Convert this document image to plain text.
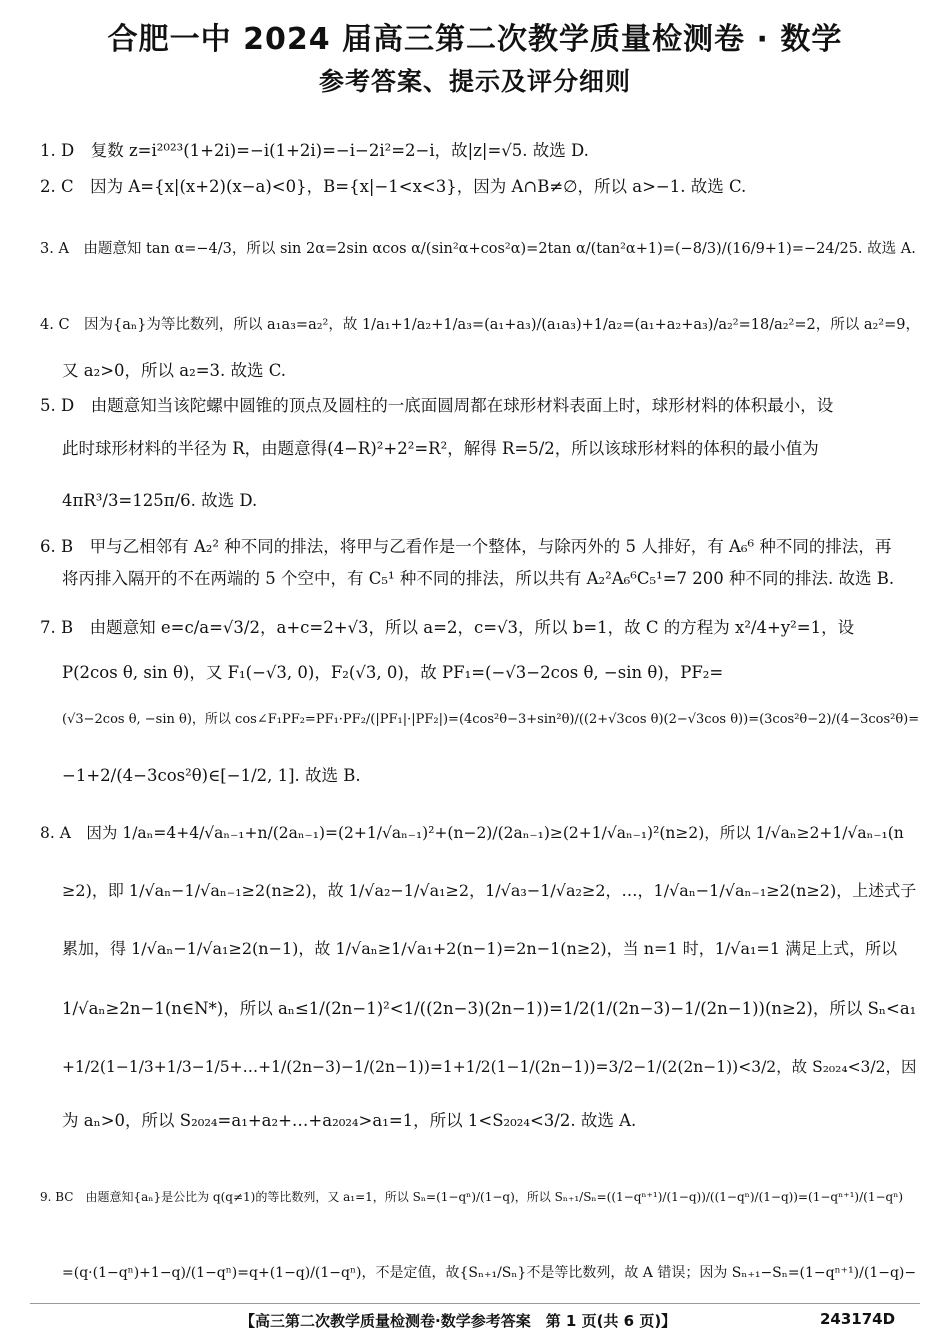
合肥一中 2024 届高三第二次教学质量检测卷 · 数学
参考答案、提示及评分细则
1. D　复数 z=i²⁰²³(1+2i)=−i(1+2i)=−i−2i²=2−i，故|z|=√5. 故选 D.
2. C　因为 A={x|(x+2)(x−a)<0}，B={x|−1<x<3}，因为 A∩B≠∅，所以 a>−1. 故选 C.
3. A　由题意知 tan α=−4/3，所以 sin 2α=2sin αcos α/(sin²α+cos²α)=2tan α/(tan²α+1)=(−8/3)/(16/9+1)=−24/25. 故选 A.
4. C　因为{aₙ}为等比数列，所以 a₁a₃=a₂²，故 1/a₁+1/a₂+1/a₃=(a₁+a₃)/(a₁a₃)+1/a₂=(a₁+a₂+a₃)/a₂²=18/a₂²=2，所以 a₂²=9，
又 a₂>0，所以 a₂=3. 故选 C.
5. D　由题意知当该陀螺中圆锥的顶点及圆柱的一底面圆周都在球形材料表面上时，球形材料的体积最小，设
此时球形材料的半径为 R，由题意得(4−R)²+2²=R²，解得 R=5/2，所以该球形材料的体积的最小值为
4πR³/3=125π/6. 故选 D.
6. B　甲与乙相邻有 A₂² 种不同的排法，将甲与乙看作是一个整体，与除丙外的 5 人排好，有 A₆⁶ 种不同的排法，再
将丙排入隔开的不在两端的 5 个空中，有 C₅¹ 种不同的排法，所以共有 A₂²A₆⁶C₅¹=7 200 种不同的排法. 故选 B.
7. B　由题意知 e=c/a=√3/2，a+c=2+√3，所以 a=2，c=√3，所以 b=1，故 C 的方程为 x²/4+y²=1，设
P(2cos θ, sin θ)，又 F₁(−√3, 0)，F₂(√3, 0)，故 PF₁=(−√3−2cos θ, −sin θ)，PF₂=
(√3−2cos θ, −sin θ)，所以 cos∠F₁PF₂=PF₁·PF₂/(|PF₁|·|PF₂|)=(4cos²θ−3+sin²θ)/((2+√3cos θ)(2−√3cos θ))=(3cos²θ−2)/(4−3cos²θ)=
−1+2/(4−3cos²θ)∈[−1/2, 1]. 故选 B.
8. A　因为 1/aₙ=4+4/√aₙ₋₁+n/(2aₙ₋₁)=(2+1/√aₙ₋₁)²+(n−2)/(2aₙ₋₁)≥(2+1/√aₙ₋₁)²(n≥2)，所以 1/√aₙ≥2+1/√aₙ₋₁(n
≥2)，即 1/√aₙ−1/√aₙ₋₁≥2(n≥2)，故 1/√a₂−1/√a₁≥2，1/√a₃−1/√a₂≥2，…，1/√aₙ−1/√aₙ₋₁≥2(n≥2)，上述式子
累加，得 1/√aₙ−1/√a₁≥2(n−1)，故 1/√aₙ≥1/√a₁+2(n−1)=2n−1(n≥2)，当 n=1 时，1/√a₁=1 满足上式，所以
1/√aₙ≥2n−1(n∈N*)，所以 aₙ≤1/(2n−1)²<1/((2n−3)(2n−1))=1/2(1/(2n−3)−1/(2n−1))(n≥2)，所以 Sₙ<a₁
+1/2(1−1/3+1/3−1/5+…+1/(2n−3)−1/(2n−1))=1+1/2(1−1/(2n−1))=3/2−1/(2(2n−1))<3/2，故 S₂₀₂₄<3/2，因
为 aₙ>0，所以 S₂₀₂₄=a₁+a₂+…+a₂₀₂₄>a₁=1，所以 1<S₂₀₂₄<3/2. 故选 A.
9. BC　由题意知{aₙ}是公比为 q(q≠1)的等比数列，又 a₁=1，所以 Sₙ=(1−qⁿ)/(1−q)，所以 Sₙ₊₁/Sₙ=((1−qⁿ⁺¹)/(1−q))/((1−qⁿ)/(1−q))=(1−qⁿ⁺¹)/(1−qⁿ)
=(q·(1−qⁿ)+1−q)/(1−qⁿ)=q+(1−q)/(1−qⁿ)，不是定值，故{Sₙ₊₁/Sₙ}不是等比数列，故 A 错误；因为 Sₙ₊₁−Sₙ=(1−qⁿ⁺¹)/(1−q)−
【高三第二次教学质量检测卷·数学参考答案　第 1 页(共 6 页)】	243174D
